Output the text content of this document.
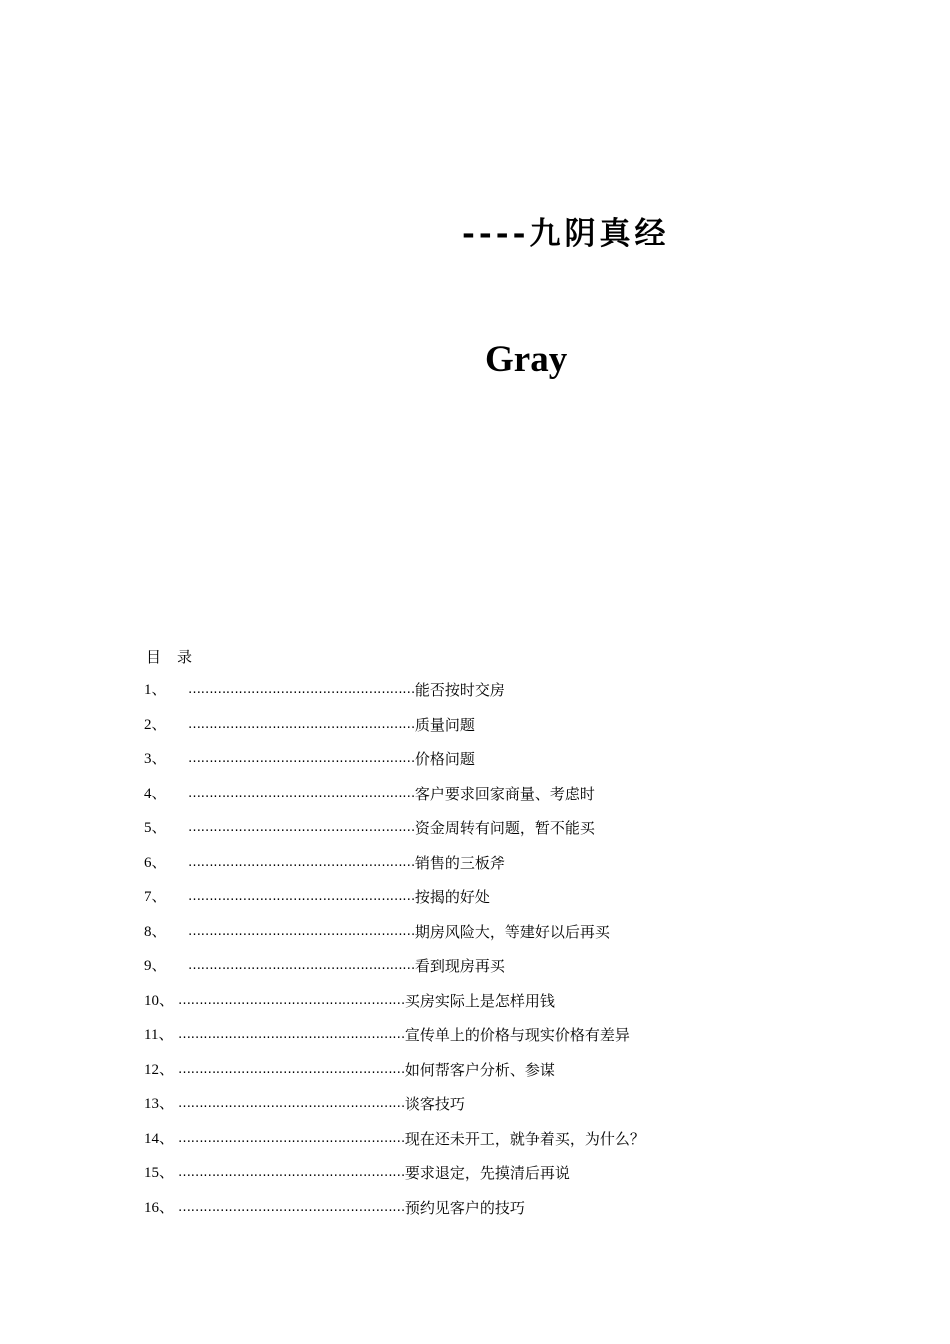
----九阴真经
Gray
目 录
1、	……………………………………………… 能否按时交房
2、	……………………………………………… 质量问题
3、	……………………………………………… 价格问题
4、	……………………………………………… 客户要求回家商量、考虑时
5、	……………………………………………… 资金周转有问题，暂不能买
6、	……………………………………………… 销售的三板斧
7、	……………………………………………… 按揭的好处
8、	……………………………………………… 期房风险大，等建好以后再买
9、	……………………………………………… 看到现房再买
10、 ……………………………………………… 买房实际上是怎样用钱
11、 ……………………………………………… 宣传单上的价格与现实价格有差异
12、 ……………………………………………… 如何帮客户分析、参谋
13、 ……………………………………………… 谈客技巧
14、 ……………………………………………… 现在还未开工，就争着买，为什么？
15、 ……………………………………………… 要求退定，先摸清后再说
16、 ……………………………………………… 预约见客户的技巧
